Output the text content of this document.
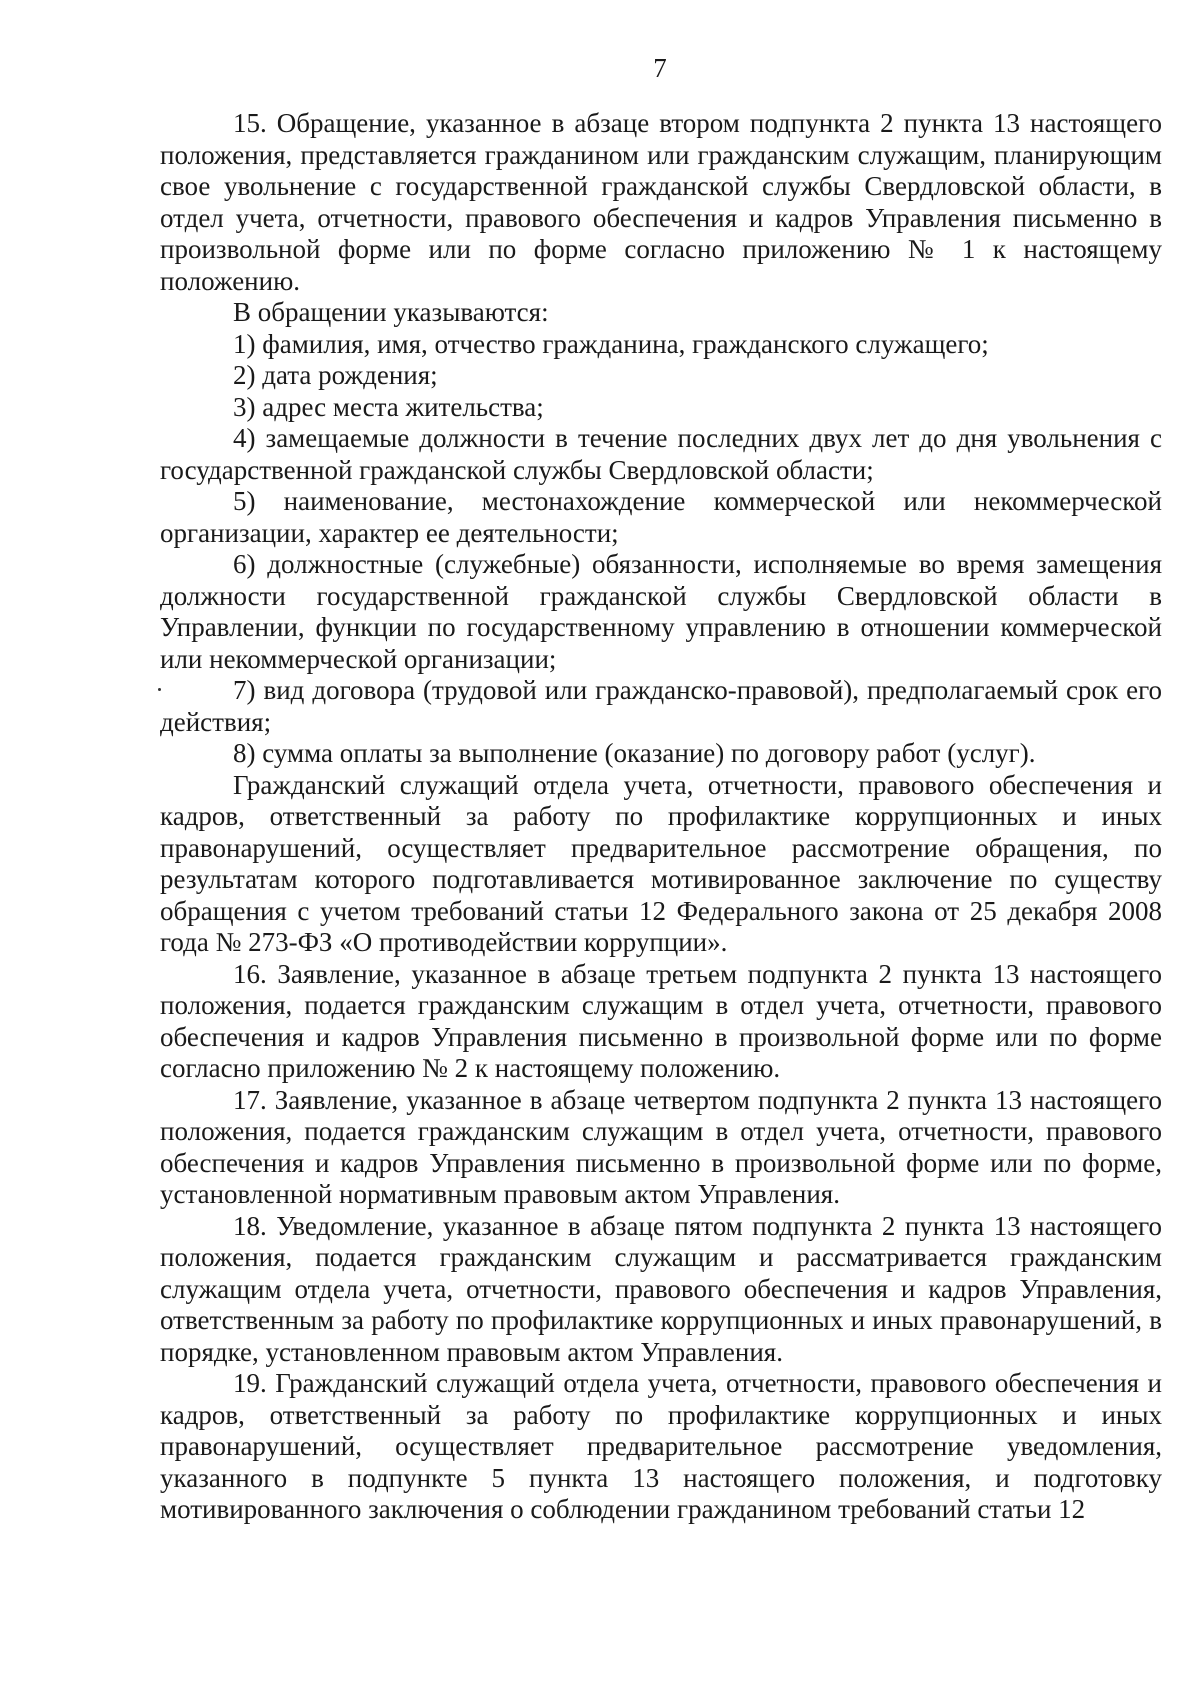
7

15. Обращение, указанное в абзаце втором подпункта 2 пункта 13 настоящего положения, представляется гражданином или гражданским служащим, планирующим свое увольнение с государственной гражданской службы Свердловской области, в отдел учета, отчетности, правового обеспечения и кадров Управления письменно в произвольной форме или по форме согласно приложению № 1 к настоящему положению.

В обращении указываются:

1) фамилия, имя, отчество гражданина, гражданского служащего;

2) дата рождения;

3) адрес места жительства;

4) замещаемые должности в течение последних двух лет до дня увольнения с государственной гражданской службы Свердловской области;

5) наименование, местонахождение коммерческой или некоммерческой организации, характер ее деятельности;

6) должностные (служебные) обязанности, исполняемые во время замещения должности государственной гражданской службы Свердловской области в Управлении, функции по государственному управлению в отношении коммерческой или некоммерческой организации;

7) вид договора (трудовой или гражданско-правовой), предполагаемый срок его действия;

8) сумма оплаты за выполнение (оказание) по договору работ (услуг).

Гражданский служащий отдела учета, отчетности, правового обеспечения и кадров, ответственный за работу по профилактике коррупционных и иных правонарушений, осуществляет предварительное рассмотрение обращения, по результатам которого подготавливается мотивированное заключение по существу обращения с учетом требований статьи 12 Федерального закона от 25 декабря 2008 года № 273-ФЗ «О противодействии коррупции».

16. Заявление, указанное в абзаце третьем подпункта 2 пункта 13 настоящего положения, подается гражданским служащим в отдел учета, отчетности, правового обеспечения и кадров Управления письменно в произвольной форме или по форме согласно приложению № 2 к настоящему положению.

17. Заявление, указанное в абзаце четвертом подпункта 2 пункта 13 настоящего положения, подается гражданским служащим в отдел учета, отчетности, правового обеспечения и кадров Управления письменно в произвольной форме или по форме, установленной нормативным правовым актом Управления.

18. Уведомление, указанное в абзаце пятом подпункта 2 пункта 13 настоящего положения, подается гражданским служащим и рассматривается гражданским служащим отдела учета, отчетности, правового обеспечения и кадров Управления, ответственным за работу по профилактике коррупционных и иных правонарушений, в порядке, установленном правовым актом Управления.

19. Гражданский служащий отдела учета, отчетности, правового обеспечения и кадров, ответственный за работу по профилактике коррупционных и иных правонарушений, осуществляет предварительное рассмотрение уведомления, указанного в подпункте 5 пункта 13 настоящего положения, и подготовку мотивированного заключения о соблюдении гражданином требований статьи 12
